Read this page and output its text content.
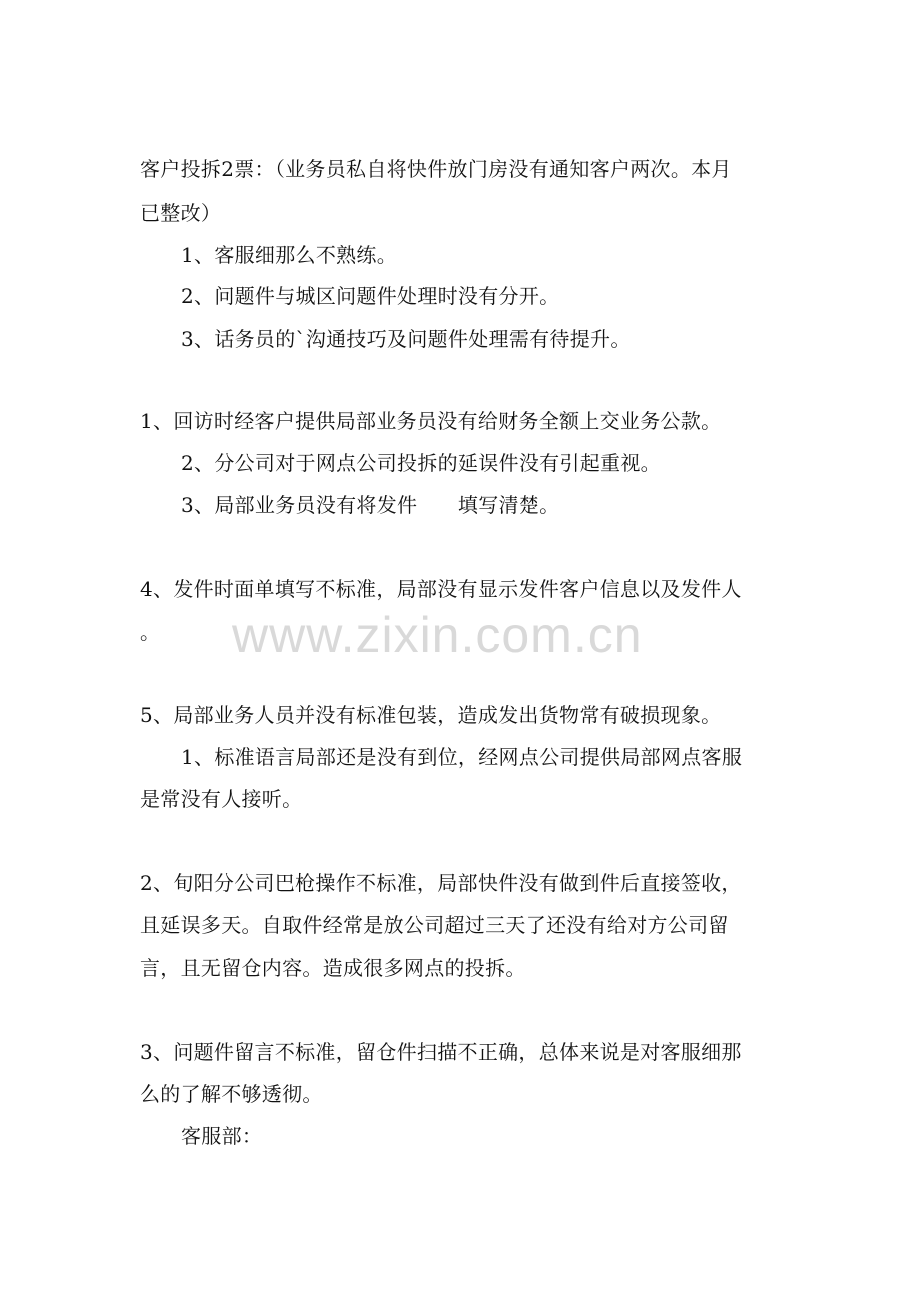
www.zixin.com.cn
客户投拆2票：（业务员私自将快件放门房没有通知客户两次。本月
已整改）
1、客服细那么不熟练。
2、问题件与城区问题件处理时没有分开。
3、话务员的`沟通技巧及问题件处理需有待提升。
1、回访时经客户提供局部业务员没有给财务全额上交业务公款。
2、分公司对于网点公司投拆的延误件没有引起重视。
3、局部业务员没有将发件　　填写清楚。
4、发件时面单填写不标准，局部没有显示发件客户信息以及发件人
。
5、局部业务人员并没有标准包装，造成发出货物常有破损现象。
1、标准语言局部还是没有到位，经网点公司提供局部网点客服
是常没有人接听。
2、旬阳分公司巴枪操作不标准，局部快件没有做到件后直接签收，
且延误多天。自取件经常是放公司超过三天了还没有给对方公司留
言，且无留仓内容。造成很多网点的投拆。
3、问题件留言不标准，留仓件扫描不正确，总体来说是对客服细那
么的了解不够透彻。
客服部：
